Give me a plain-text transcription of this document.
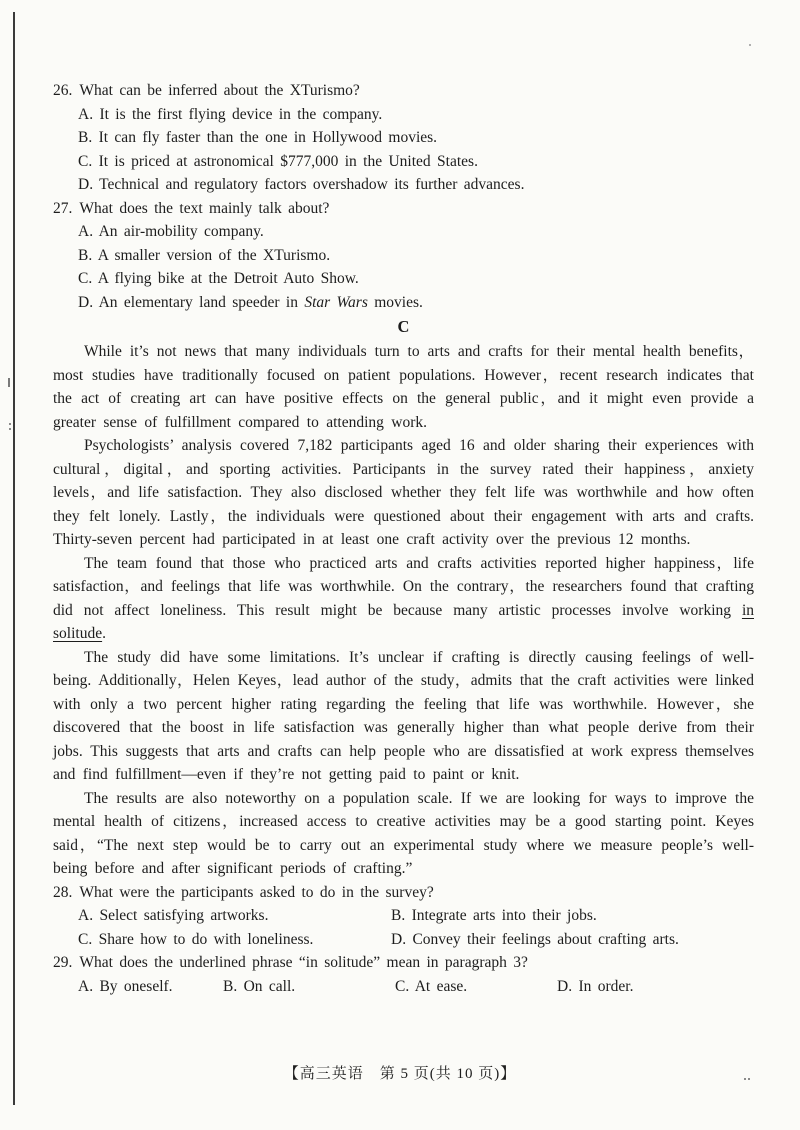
26. What can be inferred about the XTurismo?
A. It is the first flying device in the company.
B. It can fly faster than the one in Hollywood movies.
C. It is priced at astronomical $777,000 in the United States.
D. Technical and regulatory factors overshadow its further advances.
27. What does the text mainly talk about?
A. An air-mobility company.
B. A smaller version of the XTurismo.
C. A flying bike at the Detroit Auto Show.
D. An elementary land speeder in Star Wars movies.
C

While it’s not news that many individuals turn to arts and crafts for their mental health benefits，most studies have traditionally focused on patient populations. However，recent research indicates that the act of creating art can have positive effects on the general public，and it might even provide a greater sense of fulfillment compared to attending work.

Psychologists’ analysis covered 7,182 participants aged 16 and older sharing their experiences with cultural，digital，and sporting activities. Participants in the survey rated their happiness，anxiety levels，and life satisfaction. They also disclosed whether they felt life was worthwhile and how often they felt lonely. Lastly，the individuals were questioned about their engagement with arts and crafts. Thirty-seven percent had participated in at least one craft activity over the previous 12 months.

The team found that those who practiced arts and crafts activities reported higher happiness，life satisfaction，and feelings that life was worthwhile. On the contrary，the researchers found that crafting did not affect loneliness. This result might be because many artistic processes involve working in solitude.

The study did have some limitations. It’s unclear if crafting is directly causing feelings of well-being. Additionally，Helen Keyes，lead author of the study，admits that the craft activities were linked with only a two percent higher rating regarding the feeling that life was worthwhile. However，she discovered that the boost in life satisfaction was generally higher than what people derive from their jobs. This suggests that arts and crafts can help people who are dissatisfied at work express themselves and find fulfillment—even if they’re not getting paid to paint or knit.

The results are also noteworthy on a population scale. If we are looking for ways to improve the mental health of citizens，increased access to creative activities may be a good starting point. Keyes said，“The next step would be to carry out an experimental study where we measure people’s well-being before and after significant periods of crafting.”

28. What were the participants asked to do in the survey?
A. Select satisfying artworks.	B. Integrate arts into their jobs.
C. Share how to do with loneliness.	D. Convey their feelings about crafting arts.
29. What does the underlined phrase “in solitude” mean in paragraph 3?
A. By oneself.	B. On call.	C. At ease.	D. In order.
【高三英语　第 5 页(共 10 页)】
